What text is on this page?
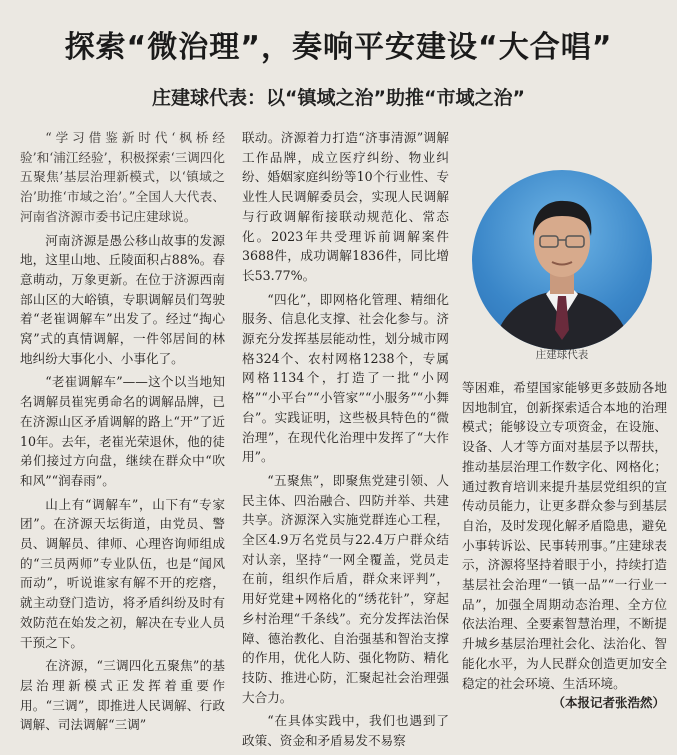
探索“微治理”，奏响平安建设“大合唱”
庄建球代表：以“镇域之治”助推“市域之治”

“学习借鉴新时代‘枫桥经验’和‘浦江经验’，积极探索‘三调四化五聚焦’基层治理新模式，以‘镇域之治’助推‘市域之治’。”全国人大代表、河南省济源市委书记庄建球说。

河南济源是愚公移山故事的发源地，这里山地、丘陵面积占88%。春意萌动，万象更新。在位于济源西南部山区的大峪镇，专职调解员们驾驶着“老崔调解车”出发了。经过“掏心窝”式的真情调解，一件邻居间的林地纠纷大事化小、小事化了。

“老崔调解车”——这个以当地知名调解员崔宪勇命名的调解品牌，已在济源山区矛盾调解的路上“开”了近10年。去年，老崔光荣退休，他的徒弟们接过方向盘，继续在群众中“吹和风”“润春雨”。

山上有“调解车”，山下有“专家团”。在济源天坛街道，由党员、警员、调解员、律师、心理咨询师组成的“三员两师”专业队伍，也是“闻风而动”，听说谁家有解不开的疙瘩，就主动登门造访，将矛盾纠纷及时有效防范在始发之初，解决在专业人员干预之下。

在济源，“三调四化五聚焦”的基层治理新模式正发挥着重要作用。“三调”，即推进人民调解、行政调解、司法调解“三调”

联动。济源着力打造“济事清源”调解工作品牌，成立医疗纠纷、物业纠纷、婚姻家庭纠纷等10个行业性、专业性人民调解委员会，实现人民调解与行政调解衔接联动规范化、常态化。2023年共受理诉前调解案件3688件，成功调解1836件，同比增长53.77%。

“四化”，即网格化管理、精细化服务、信息化支撑、社会化参与。济源充分发挥基层能动性，划分城市网格324个、农村网格1238个，专属网格1134个，打造了一批“小网格”“小平台”“小管家”“小服务”“小舞台”。实践证明，这些极具特色的“微治理”，在现代化治理中发挥了“大作用”。

“五聚焦”，即聚焦党建引领、人民主体、四治融合、四防并举、共建共享。济源深入实施党群连心工程，全区4.9万名党员与22.4万户群众结对认亲，坚持“一网全覆盖，党员走在前，组织作后盾，群众来评判”，用好党建+网格化的“绣花针”，穿起乡村治理“千条线”。充分发挥法治保障、德治教化、自治强基和智治支撑的作用，优化人防、强化物防、精化技防、推进心防，汇聚起社会治理强大合力。

“在具体实践中，我们也遇到了政策、资金和矛盾易发不易察

庄建球代表

等困难，希望国家能够更多鼓励各地因地制宜，创新探索适合本地的治理模式；能够设立专项资金，在设施、设备、人才等方面对基层予以帮扶，推动基层治理工作数字化、网格化；通过教育培训来提升基层党组织的宣传动员能力，让更多群众参与到基层自治，及时发现化解矛盾隐患，避免小事转诉讼、民事转刑事。”庄建球表示，济源将坚持着眼于小，持续打造基层社会治理“一镇一品”“一行业一品”，加强全周期动态治理、全方位依法治理、全要素智慧治理，不断提升城乡基层治理社会化、法治化、智能化水平，为人民群众创造更加安全稳定的社会环境、生活环境。

（本报记者张浩然）
